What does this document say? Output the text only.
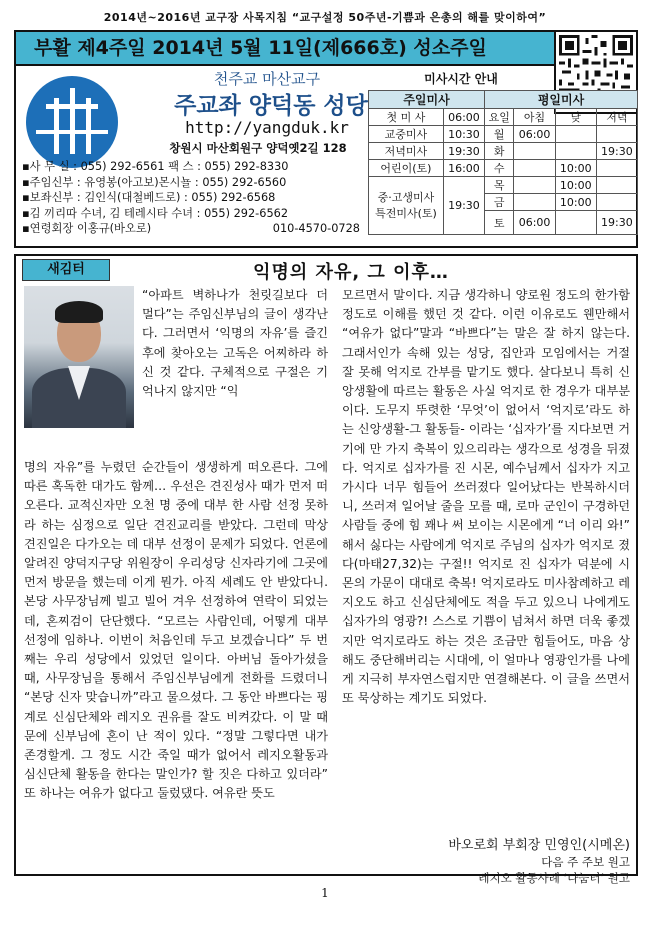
2014년~2016년 교구장 사목지침 “교구설정 50주년-기쁨과 은총의 해를 맞이하여”
부활 제4주일 2014년 5월 11일(제666호) 성소주일
천주교 마산교구
주교좌 양덕동 성당
http://yangduk.kr
창원시 마산회원구 양덕옛2길 128
▪사 무 실 :
055) 292-6561 팩 스 : 055) 292-8330
▪주임신부 :
유영봉(아고보)몬시뇰 : 055) 292-6560
▪보좌신부 :
김인식(대철베드로) : 055) 292-6568
▪김 끼리따 수녀, 김 테레시타 수녀 :
055) 292-6562
▪연령회장 이홍규(바오로)	010-4570-0728
미사시간 안내
주일미사		평일미사			
첫 미 사	06:00	요일	아침	낮	저녁
교중미사	10:30	월	06:00		
저녁미사	19:30	화			19:30
어린이(토)	16:00	수		10:00	
중·고생미사
특전미사(토)	19:30	목		10:00	
		금		10:00	
		토	06:00		19:30
새김터	익명의 자유, 그 이후…
“아파트 벽하나가 천릿길보다 더 멀다”는 주임신부님의 글이 생각난다. 그러면서 ‘익명의 자유’를 즐긴 후에 찾아오는 고독은 어찌하라 하신 것 같다. 구체적으로 구절은 기억나지 않지만 “익
명의 자유”를 누렸던 순간들이 생생하게 떠오른다. 그에 따른 혹독한 대가도 함께… 우선은 견진성사 때가 먼저 떠오른다. 교적신자만 오천 명 중에 대부 한 사람 선정 못하라 하는 심정으로 일단 견진교리를 받았다. 그런데 막상 견진일은 다가오는 데 대부 선정이 문제가 되었다. 언론에 알려진 양덕지구당 위원장이 우리성당 신자라기에 그곳에 먼저 방문을 했는데 이게 뭔가. 아직 세례도 안 받았다니. 본당 사무장님께 빌고 빌어 겨우 선정하여 연락이 되었는데, 혼찌검이 단단했다. “모르는 사람인데, 어떻게 대부 선정에 임하나. 이번이 처음인데 두고 보겠습니다” 두 번째는 우리 성당에서 있었던 일이다. 아버님 돌아가셨을 때, 사무장님을 통해서 주임신부님에게 전화를 드렸더니 “본당 신자 맞습니까”라고 물으셨다. 그 동안 바쁘다는 핑계로 신심단체와 레지오 권유를 잘도 비켜갔다. 이 말 때문에 신부님에 혼이 난 적이 있다. “정말 그렇다면 내가 존경할게. 그 정도 시간 죽일 때가 없어서 레지오활동과 심신단체 활동을 한다는 말인가? 할 짓은 다하고 있더라” 또 하나는 여유가 없다고 둘렀댔다. 여유란 뜻도
모르면서 말이다. 지금 생각하니 양로원 정도의 한가함 정도로 이해를 했던 것 같다. 이런 이유로도 웬만해서 “여유가 없다”말과 “바쁘다”는 말은 잘 하지 않는다. 그래서인가 속해 있는 성당, 집안과 모임에서는 거절 잘 못해 억지로 간부를 맡기도 했다. 살다보니 특히 신앙생활에 따르는 활동은 사실 억지로 한 경우가 대부분이다. 도무지 뚜렷한 ‘무엇’이 없어서 ‘억지로’라도 하는 신앙생활-그 활동들- 이라는 ‘십자가’를 지다보면 거기에 만 가지 축복이 있으리라는 생각으로 성경을 뒤졌다. 억지로 십자가를 진 시몬, 예수님께서 십자가 지고 가시다 너무 힘들어 쓰러졌다 일어났다는 반복하시더니, 쓰러져 일어날 줄을 모를 때, 로마 군인이 구경하던 사람들 중에 힘 꽤나 써 보이는 시몬에게 “너 이리 와!” 해서 싫다는 사람에게 억지로 주님의 십자가 억지로 졌다(마태27,32)는 구절!! 억지로 진 십자가 덕분에 시몬의 가문이 대대로 축복! 억지로라도 미사참례하고 레지오도 하고 신심단체에도 적을 두고 있으니 나에게도 십자가의 영광?! 스스로 기쁨이 넘쳐서 하면 더욱 좋겠지만 억지로라도 하는 것은 조금만 힘들어도, 마음 상해도 중단해버리는 시대에, 이 얼마나 영광인가를 나에게 지극히 부자연스럽지만 연결해본다. 이 글을 쓰면서 또 묵상하는 계기도 되었다.
바오로회 부회장 민영인(시메온)
다음 주 주보 원고
레지오 활동사례 ‘나눔터’ 원고
1
